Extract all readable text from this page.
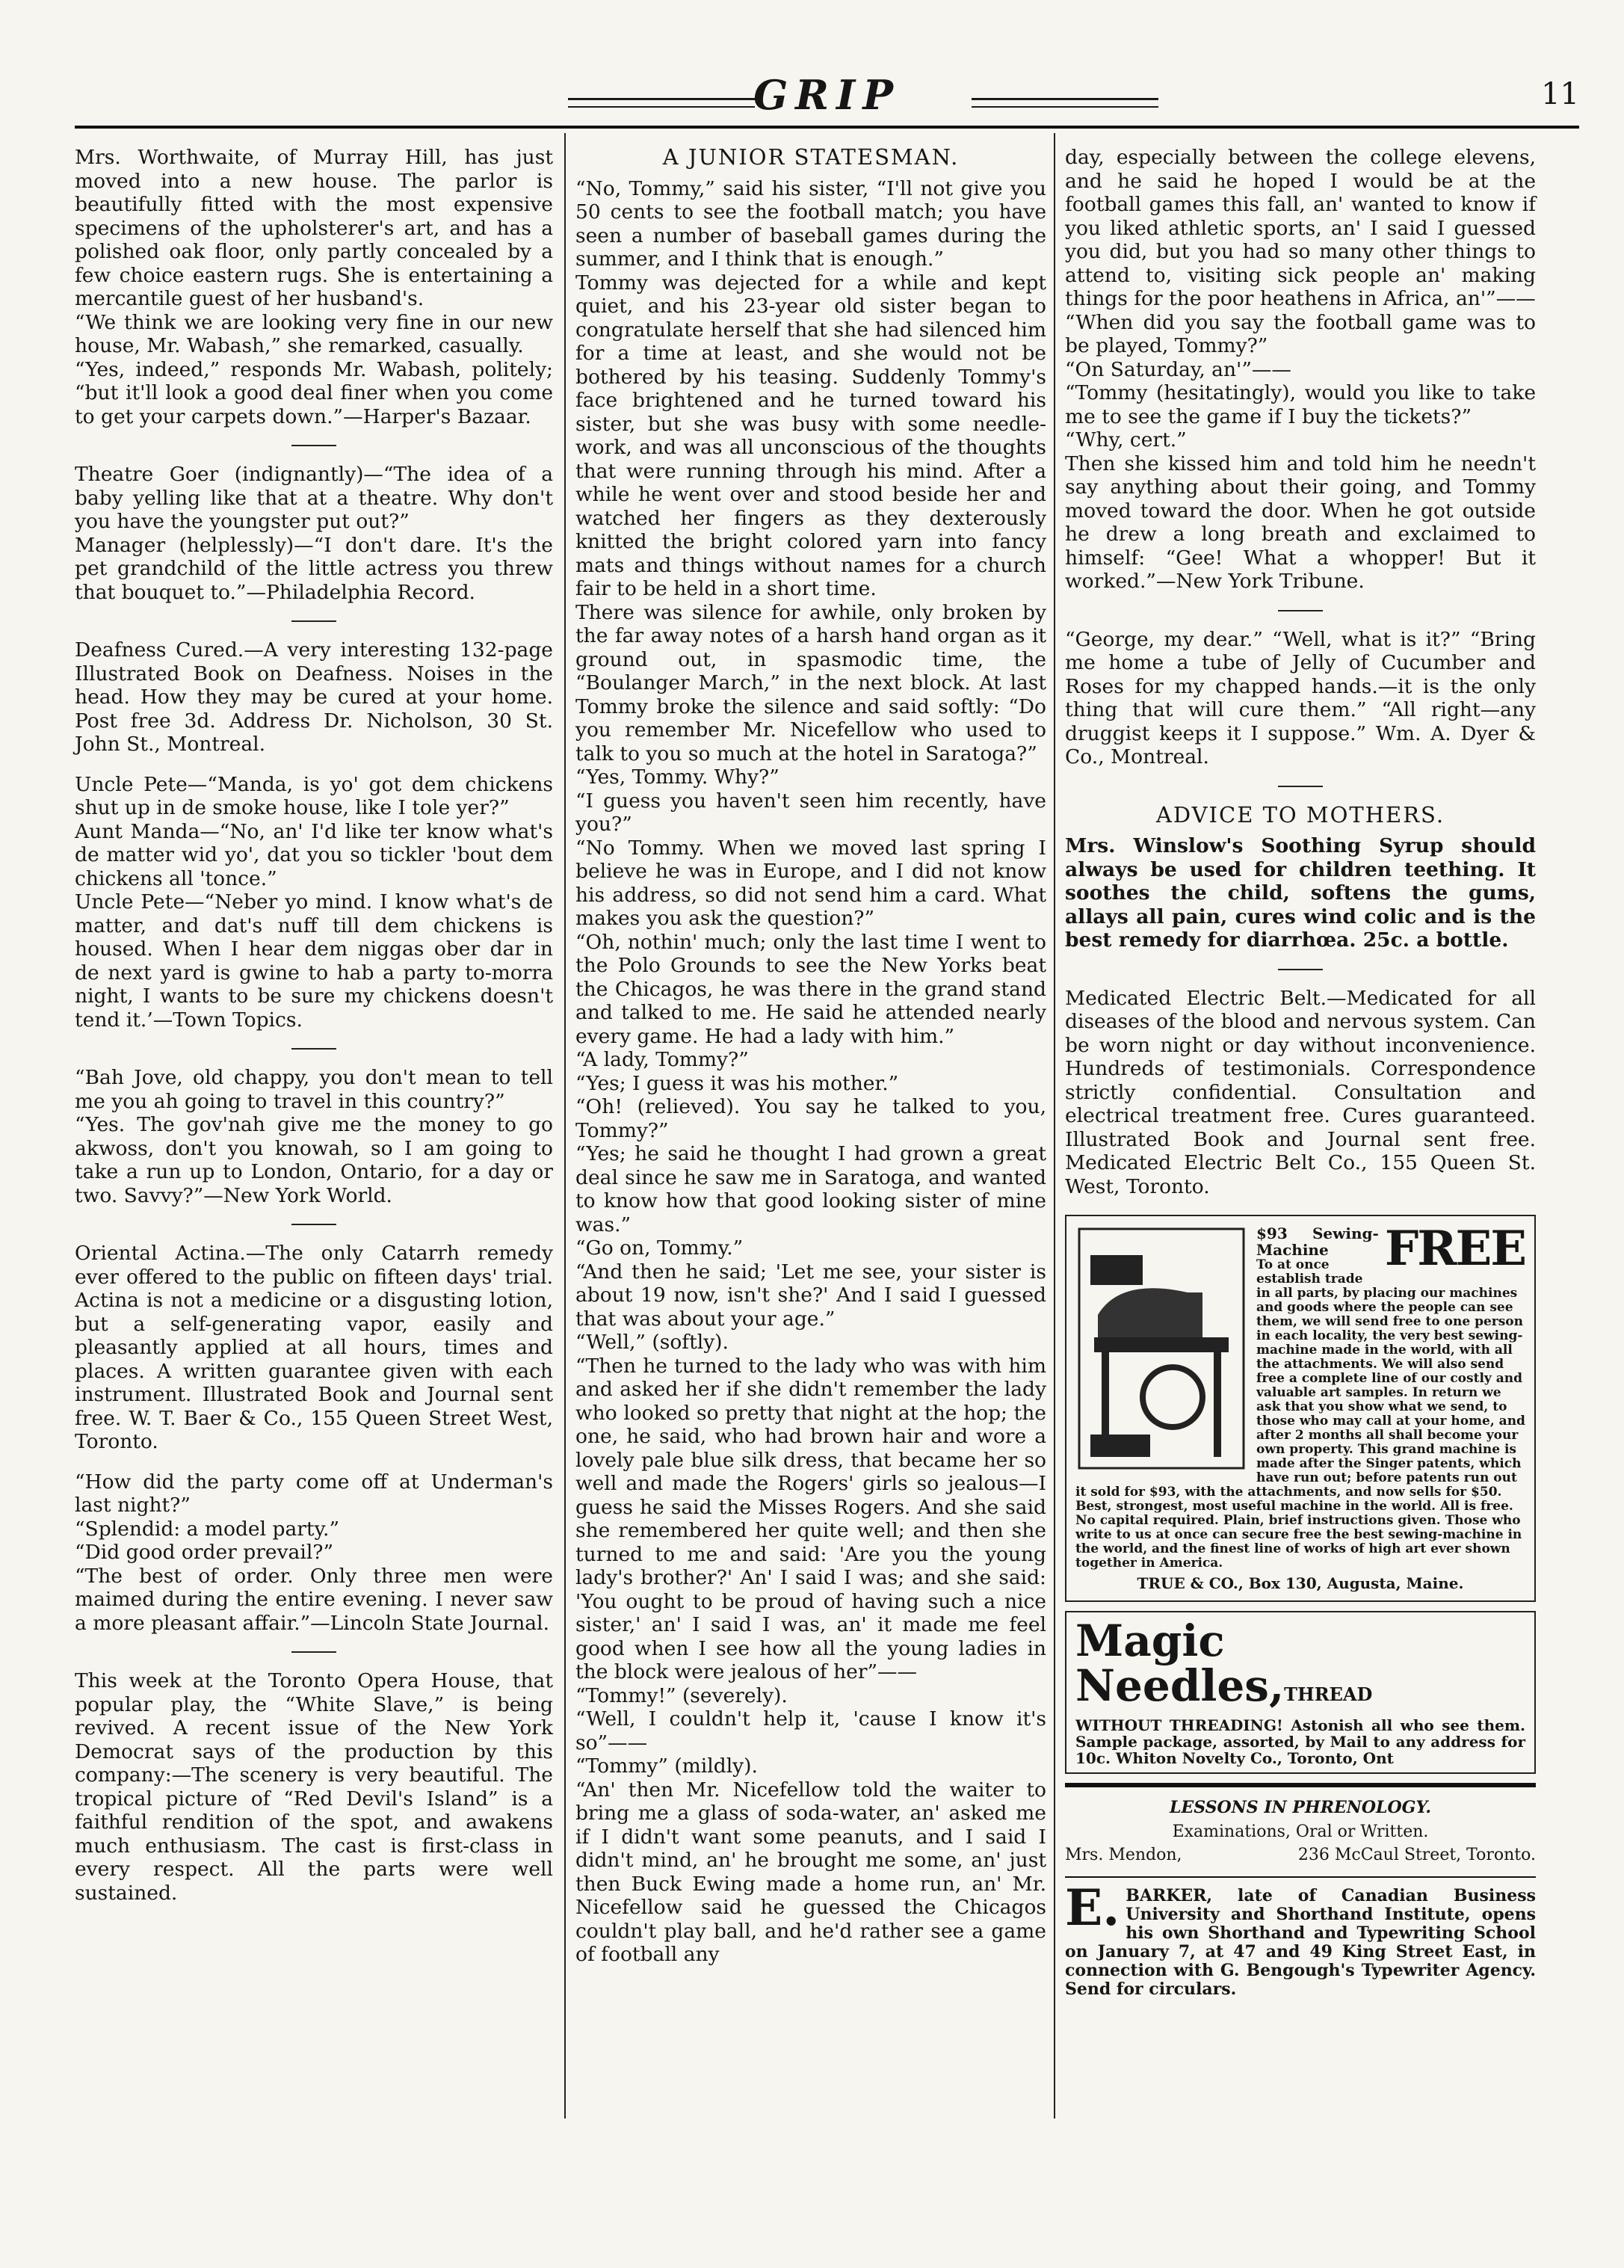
GRIP	11

Mrs. Worthwaite, of Murray Hill, has just moved into a new house. The parlor is beautifully fitted with the most expensive specimens of the upholsterer's art, and has a polished oak floor, only partly concealed by a few choice eastern rugs. She is entertaining a mercantile guest of her husband's.

“We think we are looking very fine in our new house, Mr. Wabash,” she remarked, casually.

“Yes, indeed,” responds Mr. Wabash, politely; “but it'll look a good deal finer when you come to get your carpets down.”—Harper's Bazaar.

Theatre Goer (indignantly)—“The idea of a baby yelling like that at a theatre. Why don't you have the youngster put out?”

Manager (helplessly)—“I don't dare. It's the pet grandchild of the little actress you threw that bouquet to.”—Philadelphia Record.

Deafness Cured.—A very interesting 132-page Illustrated Book on Deafness. Noises in the head. How they may be cured at your home. Post free 3d. Address Dr. Nicholson, 30 St. John St., Montreal.

Uncle Pete—“Manda, is yo' got dem chickens shut up in de smoke house, like I tole yer?”

Aunt Manda—“No, an' I'd like ter know what's de matter wid yo', dat you so tickler 'bout dem chickens all 'tonce.”

Uncle Pete—“Neber yo mind. I know what's de matter, and dat's nuff till dem chickens is housed. When I hear dem niggas ober dar in de next yard is gwine to hab a party to-morra night, I wants to be sure my chickens doesn't tend it.’—Town Topics.

“Bah Jove, old chappy, you don't mean to tell me you ah going to travel in this country?”

“Yes. The gov'nah give me the money to go akwoss, don't you knowah, so I am going to take a run up to London, Ontario, for a day or two. Savvy?”—New York World.

Oriental Actina.—The only Catarrh remedy ever offered to the public on fifteen days' trial. Actina is not a medicine or a disgusting lotion, but a self-generating vapor, easily and pleasantly applied at all hours, times and places. A written guarantee given with each instrument. Illustrated Book and Journal sent free. W. T. Baer & Co., 155 Queen Street West, Toronto.

“How did the party come off at Underman's last night?”

“Splendid: a model party.”

“Did good order prevail?”

“The best of order. Only three men were maimed during the entire evening. I never saw a more pleasant affair.”—Lincoln State Journal.

This week at the Toronto Opera House, that popular play, the “White Slave,” is being revived. A recent issue of the New York Democrat says of the production by this company:—The scenery is very beautiful. The tropical picture of “Red Devil's Island” is a faithful rendition of the spot, and awakens much enthusiasm. The cast is first-class in every respect. All the parts were well sustained.

A JUNIOR STATESMAN.

“No, Tommy,” said his sister, “I'll not give you 50 cents to see the football match; you have seen a number of baseball games during the summer, and I think that is enough.”

Tommy was dejected for a while and kept quiet, and his 23-year old sister began to congratulate herself that she had silenced him for a time at least, and she would not be bothered by his teasing. Suddenly Tommy's face brightened and he turned toward his sister, but she was busy with some needle-work, and was all unconscious of the thoughts that were running through his mind. After a while he went over and stood beside her and watched her fingers as they dexterously knitted the bright colored yarn into fancy mats and things without names for a church fair to be held in a short time.

There was silence for awhile, only broken by the far away notes of a harsh hand organ as it ground out, in spasmodic time, the “Boulanger March,” in the next block. At last Tommy broke the silence and said softly: “Do you remember Mr. Nicefellow who used to talk to you so much at the hotel in Saratoga?”

“Yes, Tommy. Why?”

“I guess you haven't seen him recently, have you?”

“No Tommy. When we moved last spring I believe he was in Europe, and I did not know his address, so did not send him a card. What makes you ask the question?”

“Oh, nothin' much; only the last time I went to the Polo Grounds to see the New Yorks beat the Chicagos, he was there in the grand stand and talked to me. He said he attended nearly every game. He had a lady with him.”

“A lady, Tommy?”

“Yes; I guess it was his mother.”

“Oh! (relieved). You say he talked to you, Tommy?”

“Yes; he said he thought I had grown a great deal since he saw me in Saratoga, and wanted to know how that good looking sister of mine was.”

“Go on, Tommy.”

“And then he said; 'Let me see, your sister is about 19 now, isn't she?' And I said I guessed that was about your age.”

“Well,” (softly).

“Then he turned to the lady who was with him and asked her if she didn't remember the lady who looked so pretty that night at the hop; the one, he said, who had brown hair and wore a lovely pale blue silk dress, that became her so well and made the Rogers' girls so jealous—I guess he said the Misses Rogers. And she said she remembered her quite well; and then she turned to me and said: 'Are you the young lady's brother?' An' I said I was; and she said: 'You ought to be proud of having such a nice sister,' an' I said I was, an' it made me feel good when I see how all the young ladies in the block were jealous of her”——

“Tommy!” (severely).

“Well, I couldn't help it, 'cause I know it's so”——

“Tommy” (mildly).

“An' then Mr. Nicefellow told the waiter to bring me a glass of soda-water, an' asked me if I didn't want some peanuts, and I said I didn't mind, an' he brought me some, an' just then Buck Ewing made a home run, an' Mr. Nicefellow said he guessed the Chicagos couldn't play ball, and he'd rather see a game of football any

day, especially between the college elevens, and he said he hoped I would be at the football games this fall, an' wanted to know if you liked athletic sports, an' I said I guessed you did, but you had so many other things to attend to, visiting sick people an' making things for the poor heathens in Africa, an'”——

“When did you say the football game was to be played, Tommy?”

“On Saturday, an'”——

“Tommy (hesitatingly), would you like to take me to see the game if I buy the tickets?”

“Why, cert.”

Then she kissed him and told him he needn't say anything about their going, and Tommy moved toward the door. When he got outside he drew a long breath and exclaimed to himself: “Gee! What a whopper! But it worked.”—New York Tribune.

“George, my dear.” “Well, what is it?” “Bring me home a tube of Jelly of Cucumber and Roses for my chapped hands.—it is the only thing that will cure them.” “All right—any druggist keeps it I suppose.” Wm. A. Dyer & Co., Montreal.

ADVICE TO MOTHERS.

Mrs. Winslow's Soothing Syrup should always be used for children teething. It soothes the child, softens the gums, allays all pain, cures wind colic and is the best remedy for diarrhœa. 25c. a bottle.

Medicated Electric Belt.—Medicated for all diseases of the blood and nervous system. Can be worn night or day without inconvenience. Hundreds of testimonials. Correspondence strictly confidential. Consultation and electrical treatment free. Cures guaranteed. Illustrated Book and Journal sent free. Medicated Electric Belt Co., 155 Queen St. West, Toronto.

FREE
$93 Sewing-Machine
To at once establish trade in all parts, by placing our machines and goods where the people can see them, we will send free to one person in each locality, the very best sewing-machine made in the world, with all the attachments. We will also send free a complete line of our costly and valuable art samples. In return we ask that you show what we send, to those who may call at your home, and after 2 months all shall become your own property. This grand machine is made after the Singer patents, which have run out; before patents run out it sold for $93, with the attachments, and now sells for $50. Best, strongest, most useful machine in the world. All is free. No capital required. Plain, brief instructions given. Those who write to us at once can secure free the best sewing-machine in the world, and the finest line of works of high art ever shown together in America.
TRUE & CO., Box 130, Augusta, Maine.
Magic Needles,THREAD
WITHOUT THREADING! Astonish all who see them. Sample package, assorted, by Mail to any address for 10c. Whiton Novelty Co., Toronto, Ont
LESSONS IN PHRENOLOGY.
Examinations, Oral or Written.
Mrs. Mendon,	236 McCaul Street, Toronto.
E. BARKER, late of Canadian Business University and Shorthand Institute, opens his own Shorthand and Typewriting School on January 7, at 47 and 49 King Street East, in connection with G. Bengough's Typewriter Agency. Send for circulars.
